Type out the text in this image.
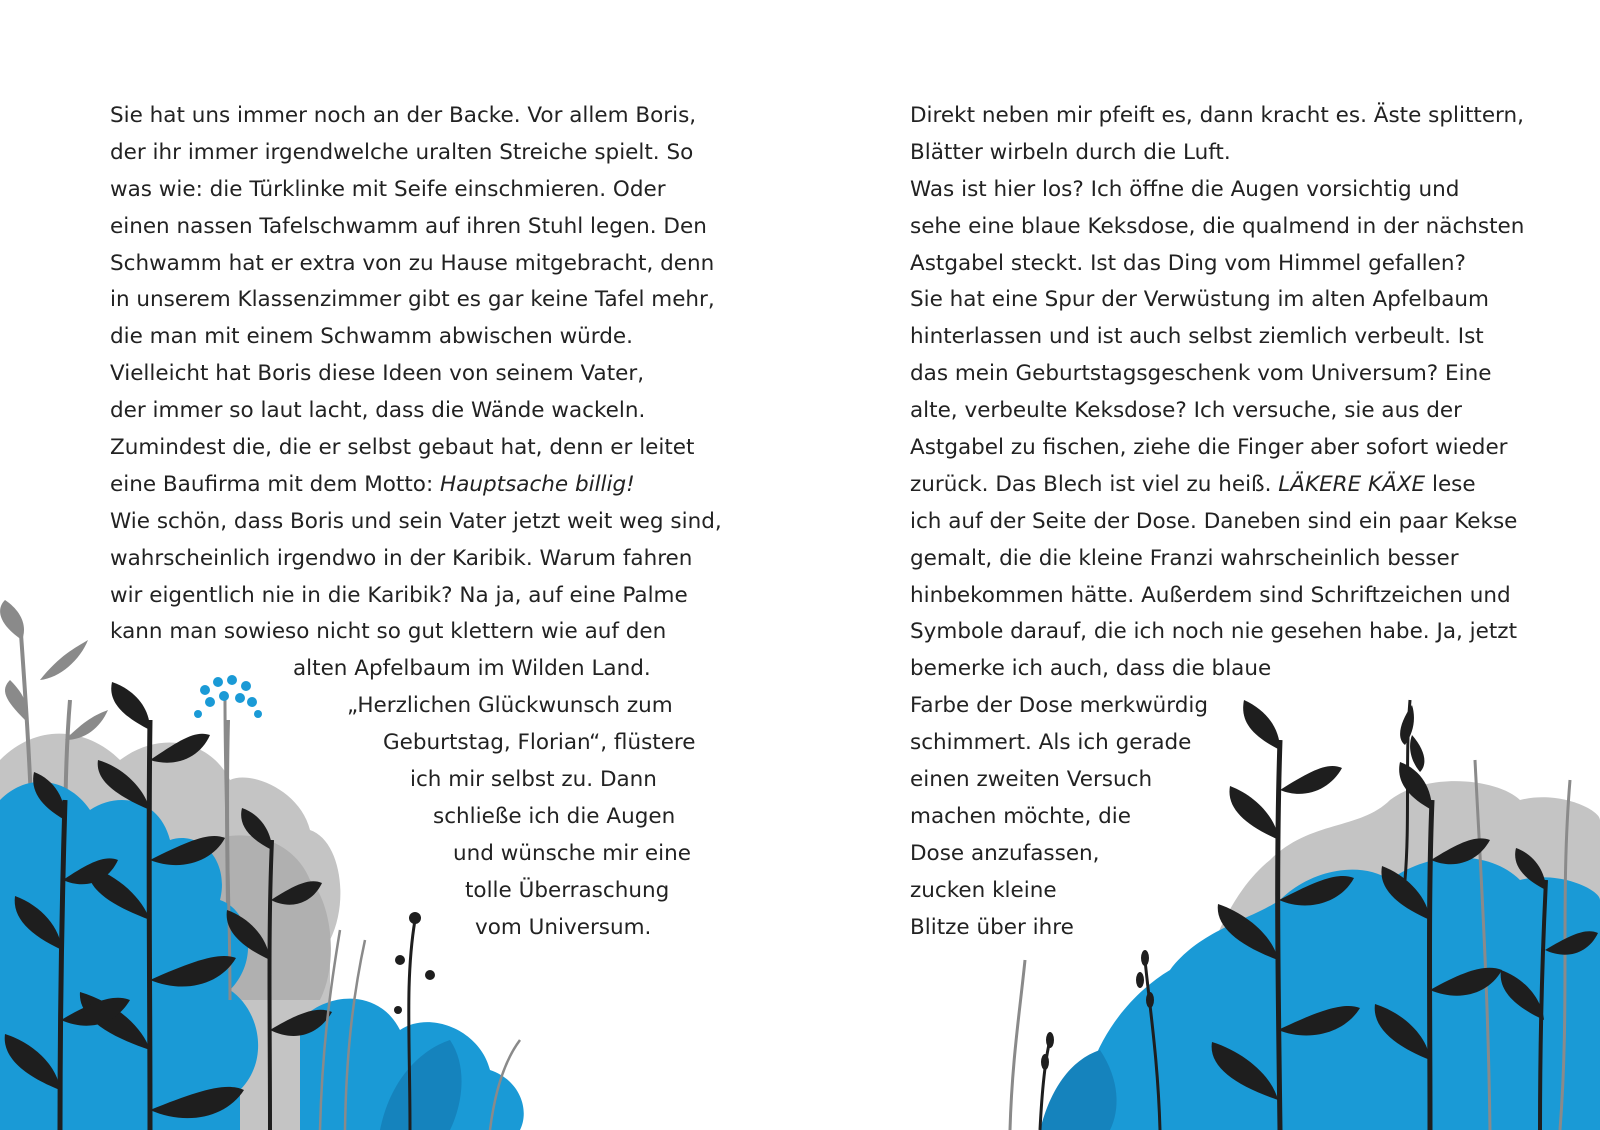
Sie hat uns immer noch an der Backe. Vor allem Boris,
der ihr immer irgendwelche uralten Streiche spielt. So
was wie: die Türklinke mit Seife einschmieren. Oder
einen nassen Tafelschwamm auf ihren Stuhl legen. Den
Schwamm hat er extra von zu Hause mitgebracht, denn
in unserem Klassenzimmer gibt es gar keine Tafel mehr,
die man mit einem Schwamm abwischen würde.
Vielleicht hat Boris diese Ideen von seinem Vater,
der immer so laut lacht, dass die Wände wackeln.
Zumindest die, die er selbst gebaut hat, denn er leitet
eine Baufirma mit dem Motto: Hauptsache billig!
Wie schön, dass Boris und sein Vater jetzt weit weg sind,
wahrscheinlich irgendwo in der Karibik. Warum fahren
wir eigentlich nie in die Karibik? Na ja, auf eine Palme
kann man sowieso nicht so gut klettern wie auf den
alten Apfelbaum im Wilden Land.
„Herzlichen Glückwunsch zum
Geburtstag, Florian“, flüstere
ich mir selbst zu. Dann
schließe ich die Augen
und wünsche mir eine
tolle Überraschung
vom Universum.
Direkt neben mir pfeift es, dann kracht es. Äste splittern,
Blätter wirbeln durch die Luft.
Was ist hier los? Ich öffne die Augen vorsichtig und
sehe eine blaue Keksdose, die qualmend in der nächsten
Astgabel steckt. Ist das Ding vom Himmel gefallen?
Sie hat eine Spur der Verwüstung im alten Apfelbaum
hinterlassen und ist auch selbst ziemlich verbeult. Ist
das mein Geburtstagsgeschenk vom Universum? Eine
alte, verbeulte Keksdose? Ich versuche, sie aus der
Astgabel zu fischen, ziehe die Finger aber sofort wieder
zurück. Das Blech ist viel zu heiß. LÄKERE KÄXE lese
ich auf der Seite der Dose. Daneben sind ein paar Kekse
gemalt, die die kleine Franzi wahrscheinlich besser
hinbekommen hätte. Außerdem sind Schriftzeichen und
Symbole darauf, die ich noch nie gesehen habe. Ja, jetzt
bemerke ich auch, dass die blaue
Farbe der Dose merkwürdig
schimmert. Als ich gerade
einen zweiten Versuch
machen möchte, die
Dose anzufassen,
zucken kleine
Blitze über ihre
